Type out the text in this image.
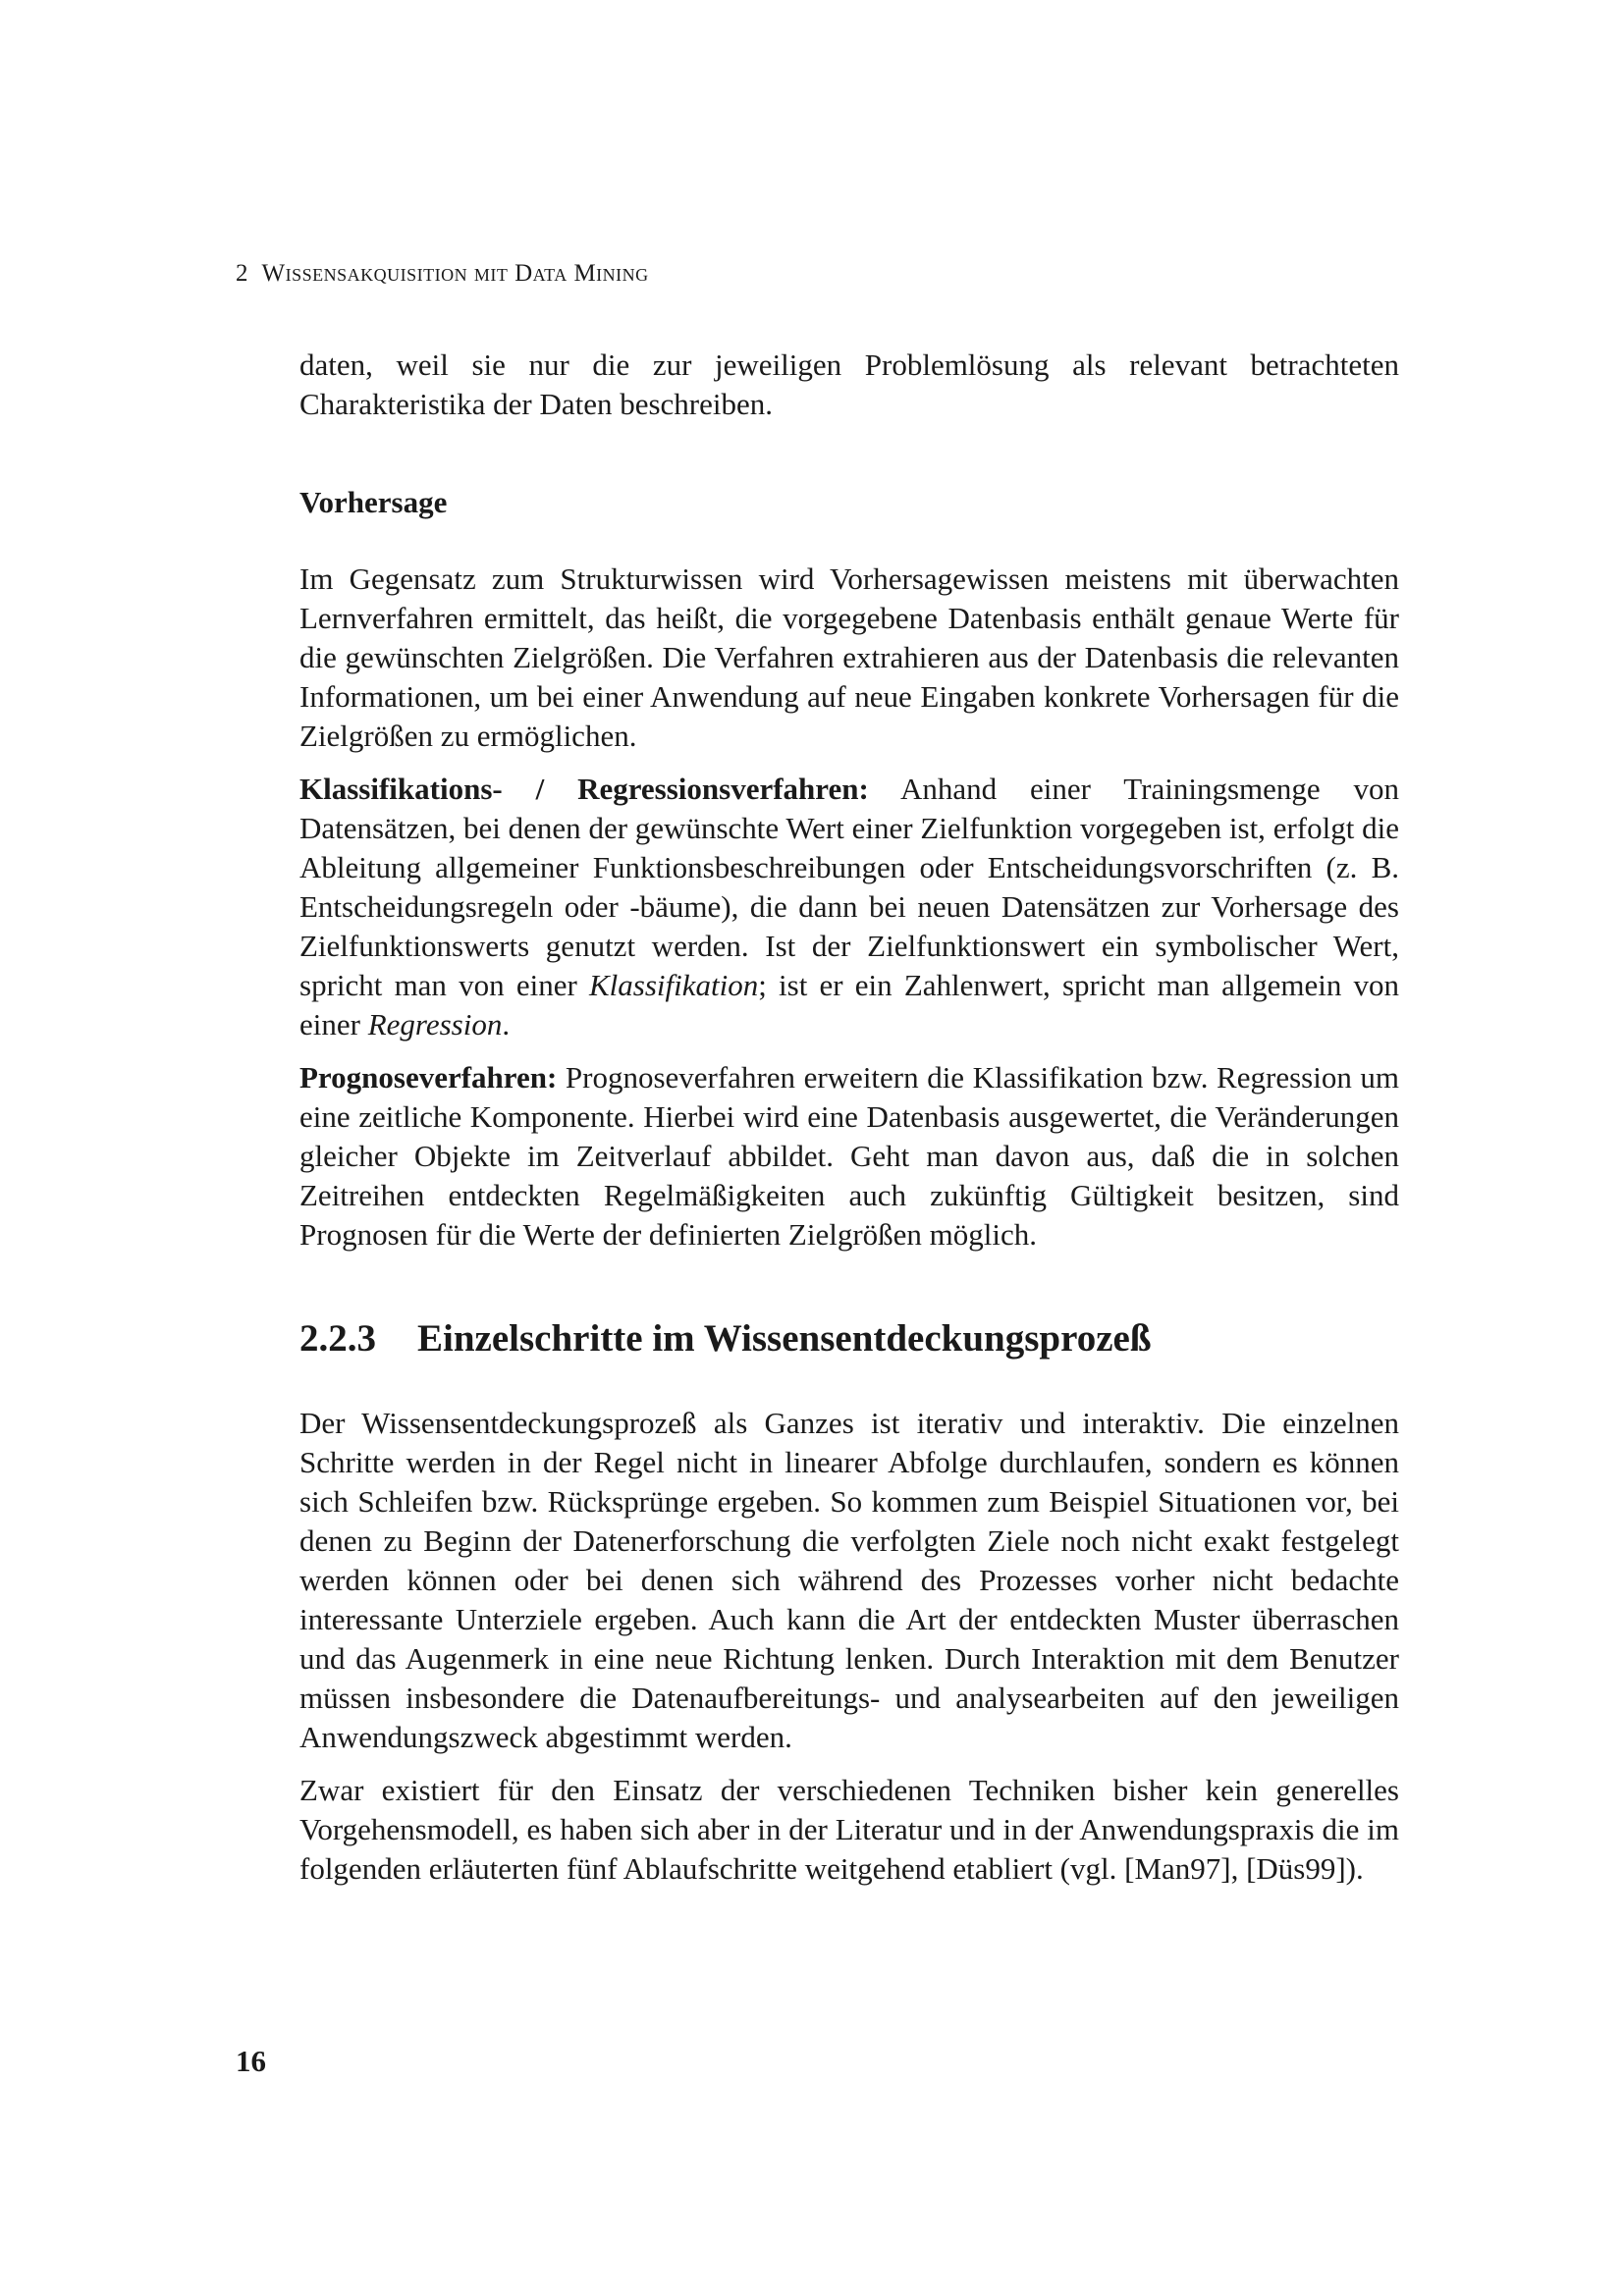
2 Wissensakquisition mit Data Mining

daten, weil sie nur die zur jeweiligen Problemlösung als relevant betrachteten Charakteristika der Daten beschreiben.

Vorhersage

Im Gegensatz zum Strukturwissen wird Vorhersagewissen meistens mit überwachten Lernverfahren ermittelt, das heißt, die vorgegebene Datenbasis enthält genaue Werte für die gewünschten Zielgrößen. Die Verfahren extrahieren aus der Datenbasis die relevanten Informationen, um bei einer Anwendung auf neue Eingaben konkrete Vorhersagen für die Zielgrößen zu ermöglichen.

Klassifikations- / Regressionsverfahren: Anhand einer Trainingsmenge von Datensätzen, bei denen der gewünschte Wert einer Zielfunktion vorgegeben ist, erfolgt die Ableitung allgemeiner Funktionsbeschreibungen oder Entscheidungsvorschriften (z. B. Entscheidungsregeln oder -bäume), die dann bei neuen Datensätzen zur Vorhersage des Zielfunktionswerts genutzt werden. Ist der Zielfunktionswert ein symbolischer Wert, spricht man von einer Klassifikation; ist er ein Zahlenwert, spricht man allgemein von einer Regression.

Prognoseverfahren: Prognoseverfahren erweitern die Klassifikation bzw. Regression um eine zeitliche Komponente. Hierbei wird eine Datenbasis ausgewertet, die Veränderungen gleicher Objekte im Zeitverlauf abbildet. Geht man davon aus, daß die in solchen Zeitreihen entdeckten Regelmäßigkeiten auch zukünftig Gültigkeit besitzen, sind Prognosen für die Werte der definierten Zielgrößen möglich.

2.2.3 Einzelschritte im Wissensentdeckungsprozeß

Der Wissensentdeckungsprozeß als Ganzes ist iterativ und interaktiv. Die einzelnen Schritte werden in der Regel nicht in linearer Abfolge durchlaufen, sondern es können sich Schleifen bzw. Rücksprünge ergeben. So kommen zum Beispiel Situationen vor, bei denen zu Beginn der Datenerforschung die verfolgten Ziele noch nicht exakt festgelegt werden können oder bei denen sich während des Prozesses vorher nicht bedachte interessante Unterziele ergeben. Auch kann die Art der entdeckten Muster überraschen und das Augenmerk in eine neue Richtung lenken. Durch Interaktion mit dem Benutzer müssen insbesondere die Datenaufbereitungs- und analysearbeiten auf den jeweiligen Anwendungszweck abgestimmt werden.

Zwar existiert für den Einsatz der verschiedenen Techniken bisher kein generelles Vorgehensmodell, es haben sich aber in der Literatur und in der Anwendungspraxis die im folgenden erläuterten fünf Ablaufschritte weitgehend etabliert (vgl. [Man97], [Düs99]).

16
